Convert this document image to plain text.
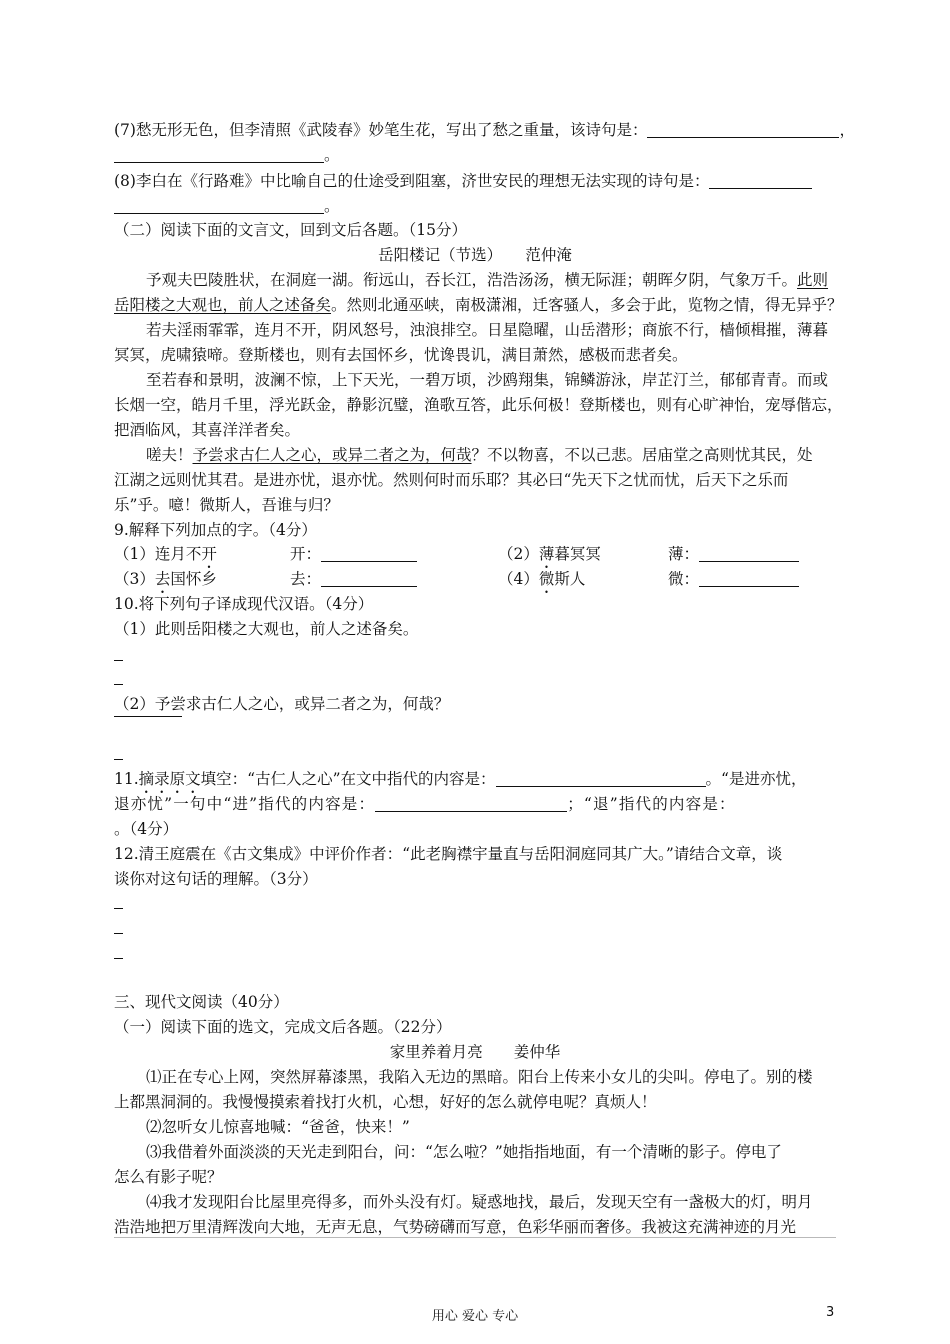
(7)愁无形无色，但李清照《武陵春》妙笔生花，写出了愁之重量，该诗句是：	，
。
(8)李白在《行路难》中比喻自己的仕途受到阻塞，济世安民的理想无法实现的诗句是：
。
（二）阅读下面的文言文，回到文后各题。（15分）
岳阳楼记（节选）　　范仲淹
予观夫巴陵胜状，在洞庭一湖。衔远山，吞长江，浩浩汤汤，横无际涯；朝晖夕阴，气象万千。此则
岳阳楼之大观也，前人之述备矣。然则北通巫峡，南极潇湘，迁客骚人，多会于此，览物之情，得无异乎？
若夫淫雨霏霏，连月不开，阴风怒号，浊浪排空。日星隐曜，山岳潜形；商旅不行，樯倾楫摧，薄暮
冥冥，虎啸猿啼。登斯楼也，则有去国怀乡，忧谗畏讥，满目萧然，感极而悲者矣。
至若春和景明，波澜不惊，上下天光，一碧万顷，沙鸥翔集，锦鳞游泳，岸芷汀兰，郁郁青青。而或
长烟一空，皓月千里，浮光跃金，静影沉璧，渔歌互答，此乐何极！登斯楼也，则有心旷神怡，宠辱偕忘，
把酒临风，其喜洋洋者矣。
嗟夫！予尝求古仁人之心，或异二者之为，何哉？不以物喜，不以己悲。居庙堂之高则忧其民，处
江湖之远则忧其君。是进亦忧，退亦忧。然则何时而乐耶？其必曰“先天下之忧而忧，后天下之乐而
乐”乎。噫！微斯人，吾谁与归？
9.解释下列加点的字。（4分）
（1）连月不开	开：	（2）薄暮冥冥	薄：
（3）去国怀乡	去：	（4）微斯人	微：
10.将下列句子译成现代汉语。（4分）
（1）此则岳阳楼之大观也，前人之述备矣。
（2）予尝求古仁人之心，或异二者之为，何哉？
11.摘录原文填空：“古仁人之心”在文中指代的内容是：	。“是进亦忧，
退亦忧”一句中“进”指代的内容是：	；“退”指代的内容是：
。（4分）
12.清王庭震在《古文集成》中评价作者：“此老胸襟宇量直与岳阳洞庭同其广大。”请结合文章，谈
谈你对这句话的理解。（3分）
三、现代文阅读（40分）
（一）阅读下面的选文，完成文后各题。（22分）
家里养着月亮　　姜仲华
⑴正在专心上网，突然屏幕漆黑，我陷入无边的黑暗。阳台上传来小女儿的尖叫。停电了。别的楼
上都黑洞洞的。我慢慢摸索着找打火机，心想，好好的怎么就停电呢？真烦人！
⑵忽听女儿惊喜地喊：“爸爸，快来！”
⑶我借着外面淡淡的天光走到阳台，问：“怎么啦？”她指指地面，有一个清晰的影子。停电了
怎么有影子呢？
⑷我才发现阳台比屋里亮得多，而外头没有灯。疑惑地找，最后，发现天空有一盏极大的灯，明月
浩浩地把万里清辉泼向大地，无声无息，气势磅礴而写意，色彩华丽而奢侈。我被这充满神迹的月光
用心 爱心 专心	3
